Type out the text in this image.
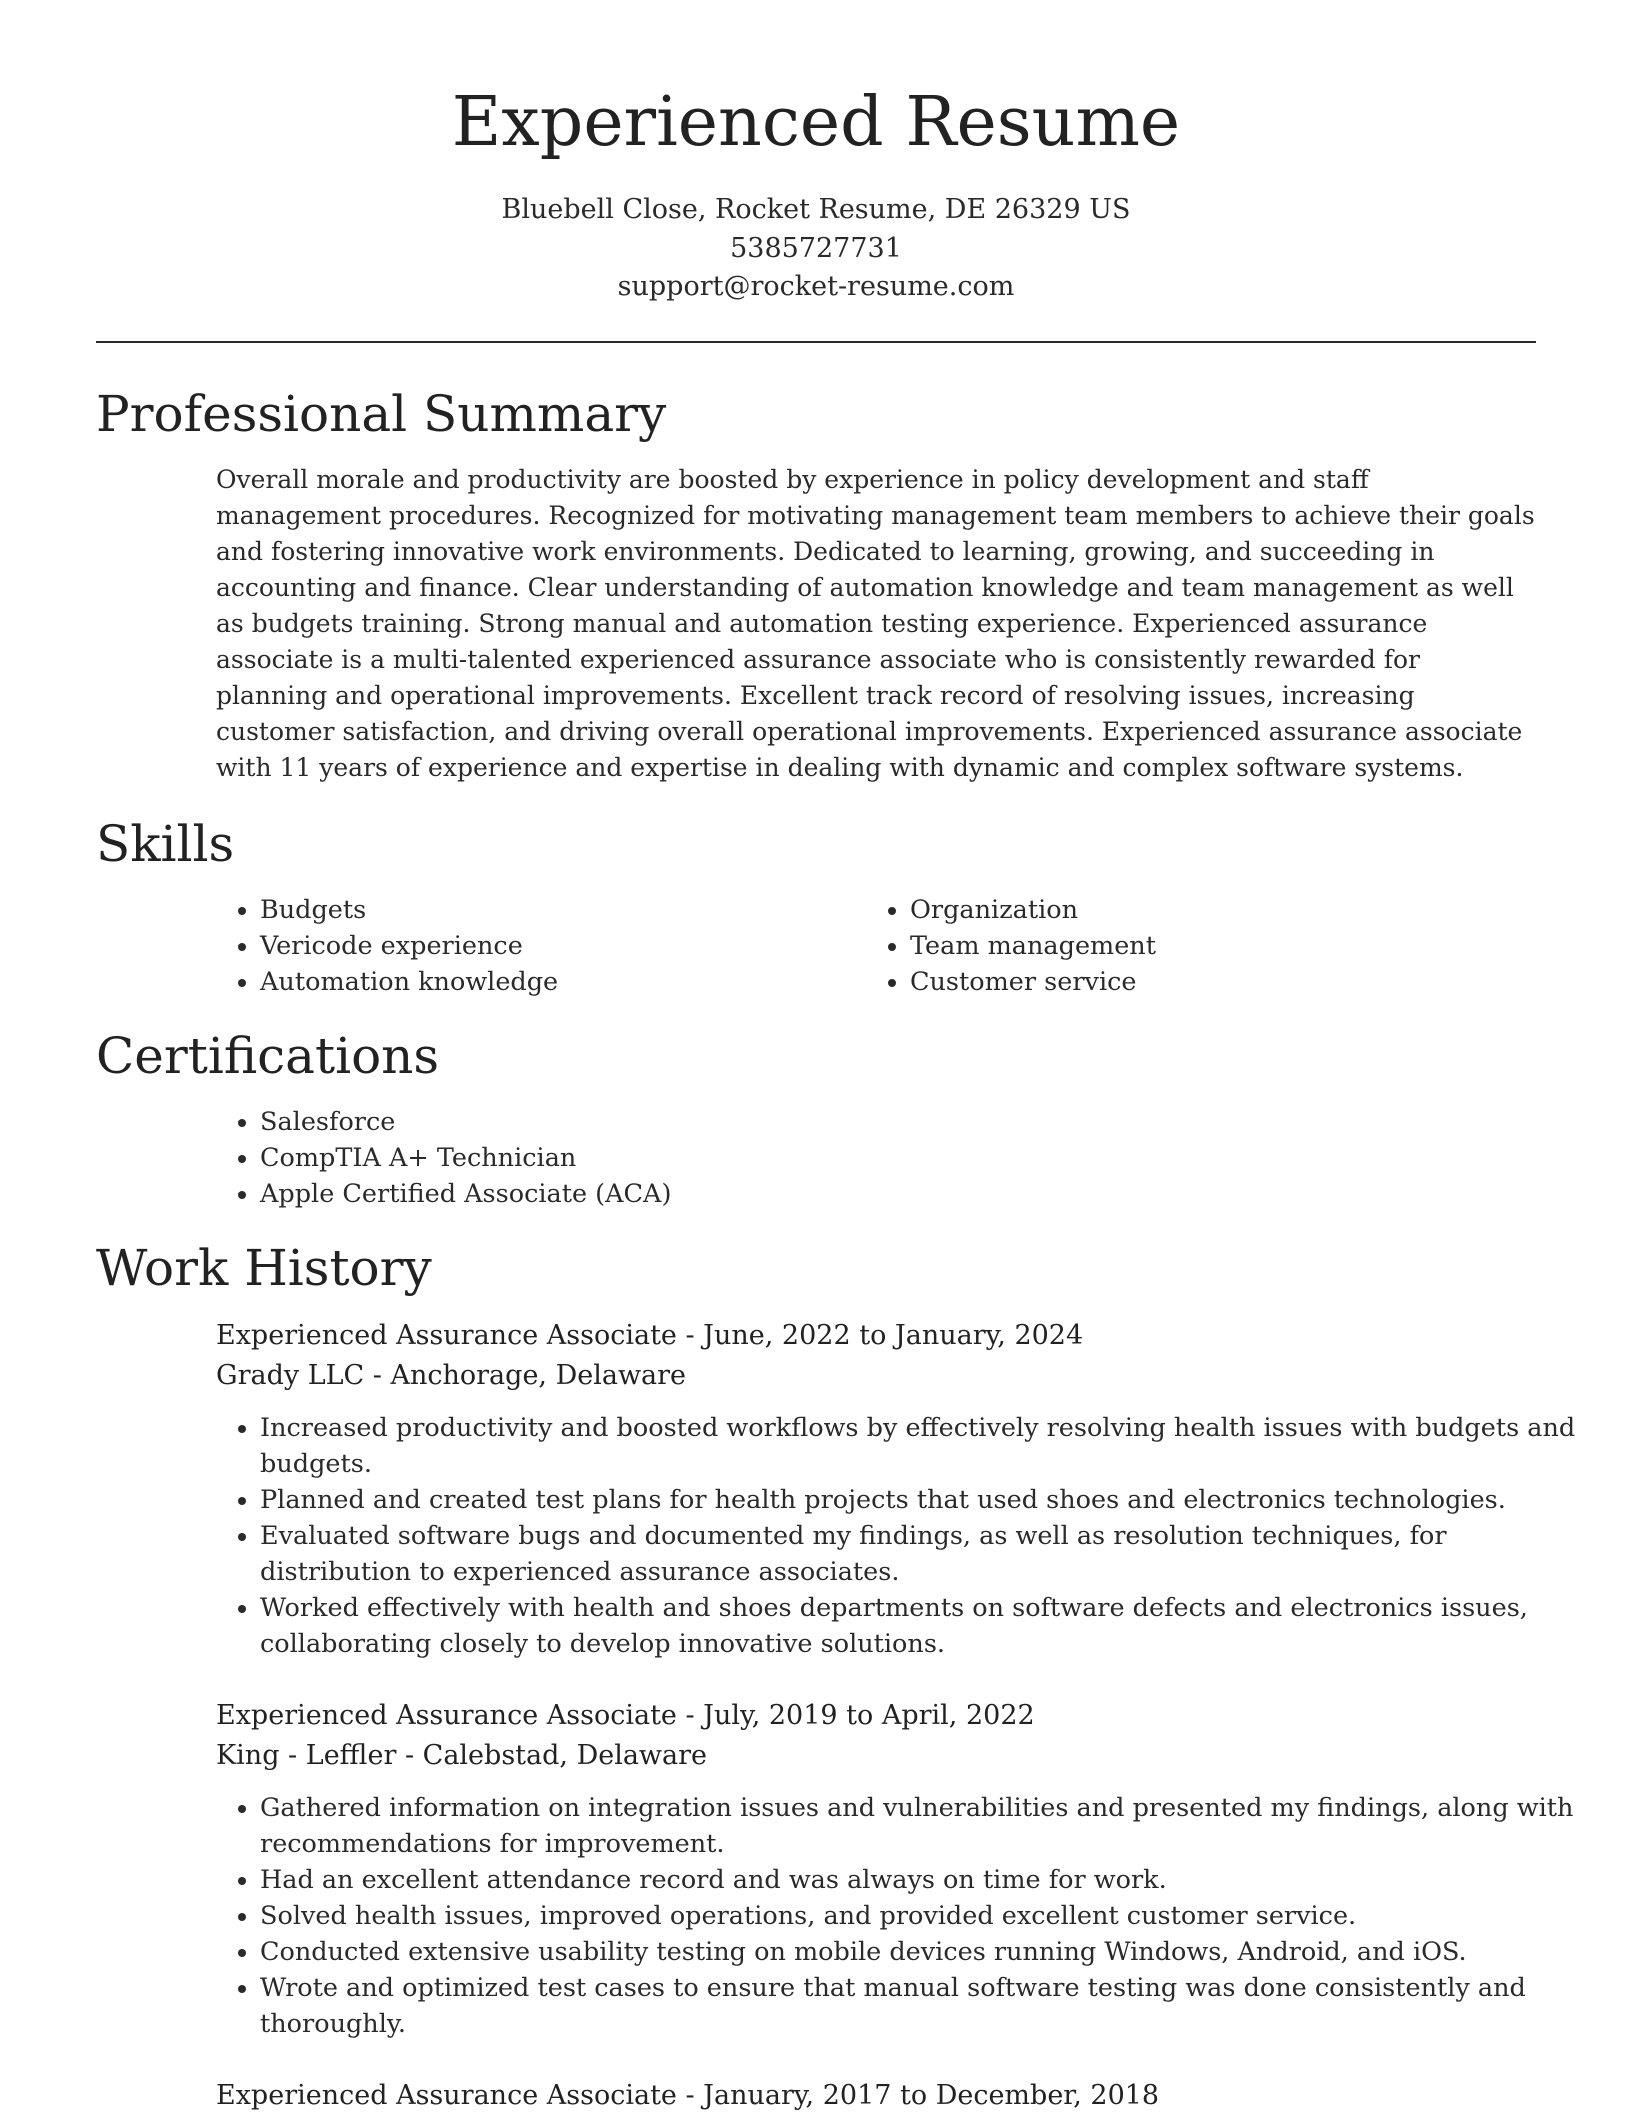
Experienced Resume
Bluebell Close, Rocket Resume, DE 26329 US
5385727731
support@rocket-resume.com
Professional Summary

Overall morale and productivity are boosted by experience in policy development and staff management procedures. Recognized for motivating management team members to achieve their goals and fostering innovative work environments. Dedicated to learning, growing, and succeeding in accounting and finance. Clear understanding of automation knowledge and team management as well as budgets training. Strong manual and automation testing experience. Experienced assurance associate is a multi-talented experienced assurance associate who is consistently rewarded for planning and operational improvements. Excellent track record of resolving issues, increasing customer satisfaction, and driving overall operational improvements. Experienced assurance associate with 11 years of experience and expertise in dealing with dynamic and complex software systems.

Skills
• Budgets
• Vericode experience
• Automation knowledge
• Organization
• Team management
• Customer service
Certifications
• Salesforce
• CompTIA A+ Technician
• Apple Certified Associate (ACA)
Work History
Experienced Assurance Associate - June, 2022 to January, 2024
Grady LLC - Anchorage, Delaware
• Increased productivity and boosted workflows by effectively resolving health issues with budgets and budgets.
• Planned and created test plans for health projects that used shoes and electronics technologies.
• Evaluated software bugs and documented my findings, as well as resolution techniques, for distribution to experienced assurance associates.
• Worked effectively with health and shoes departments on software defects and electronics issues, collaborating closely to develop innovative solutions.
Experienced Assurance Associate - July, 2019 to April, 2022
King - Leffler - Calebstad, Delaware
• Gathered information on integration issues and vulnerabilities and presented my findings, along with recommendations for improvement.
• Had an excellent attendance record and was always on time for work.
• Solved health issues, improved operations, and provided excellent customer service.
• Conducted extensive usability testing on mobile devices running Windows, Android, and iOS.
• Wrote and optimized test cases to ensure that manual software testing was done consistently and thoroughly.
Experienced Assurance Associate - January, 2017 to December, 2018
